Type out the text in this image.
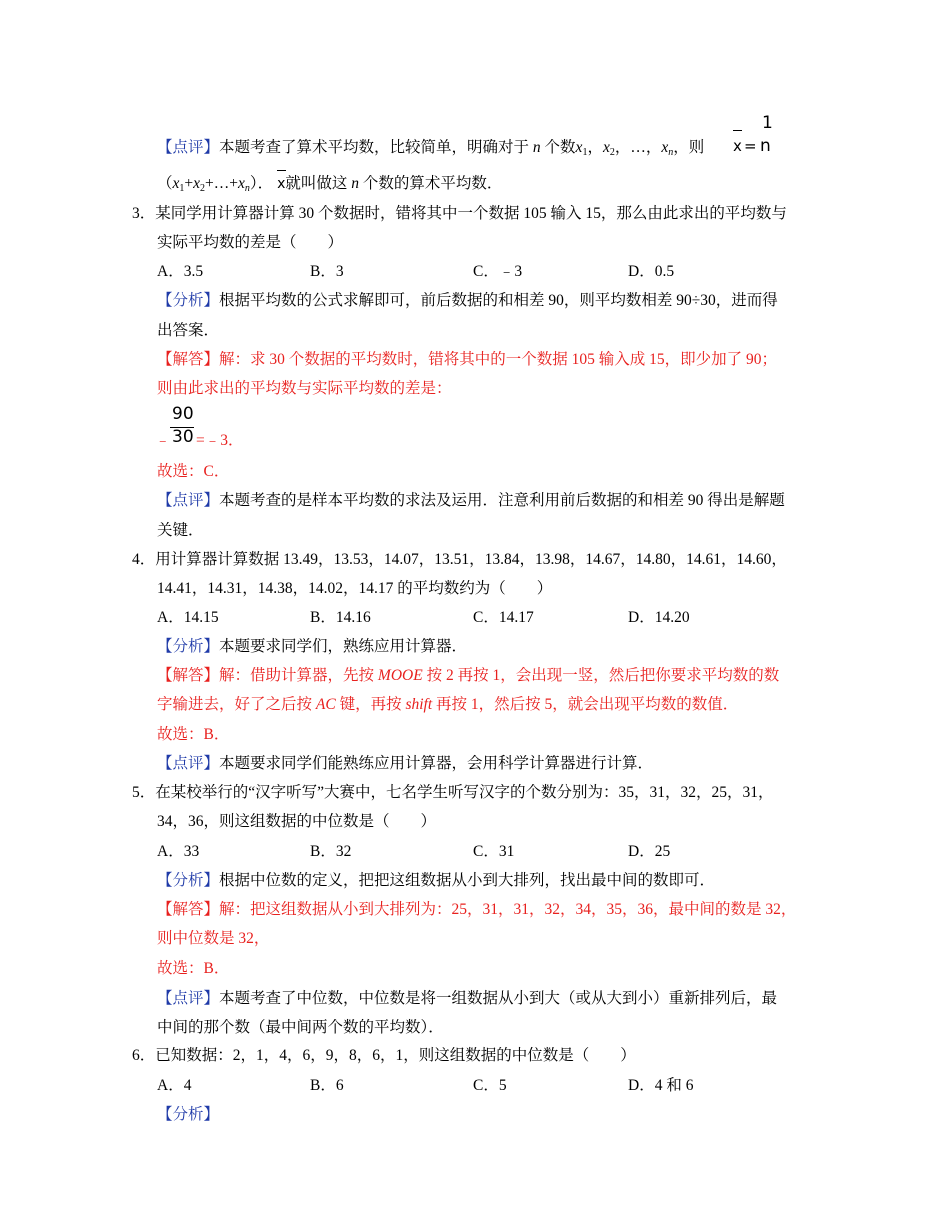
【点评】本题考查了算术平均数，比较简单，明确对于 n 个数$x_1$，$x_2$，…，$x_n$，则 x =
1
n
$(x_1+x_2+\dots+x_n)$． x就叫做这 n 个数的算术平均数．
3．某同学用计算器计算 30 个数据时，错将其中一个数据 105 输入 15，那么由此求出的平均数与
实际平均数的差是（　　）
A．3.5	B．3	C．﹣3	D．0.5
【分析】根据平均数的公式求解即可，前后数据的和相差 90，则平均数相差 90÷30，进而得
出答案．
【解答】解：求 30 个数据的平均数时，错将其中的一个数据 105 输入成 15，即少加了 90；
则由此求出的平均数与实际平均数的差是：
90
﹣ 30 =﹣3．
故选：C．
【点评】本题考查的是样本平均数的求法及运用．注意利用前后数据的和相差 90 得出是解题
关键．
4．用计算器计算数据 13.49，13.53，14.07，13.51，13.84，13.98，14.67，14.80，14.61，14.60，
14.41，14.31，14.38，14.02，14.17 的平均数约为（　　）
A．14.15	B．14.16	C．14.17	D．14.20
【分析】本题要求同学们，熟练应用计算器．
【解答】解：借助计算器，先按 MOOE 按 2 再按 1，会出现一竖，然后把你要求平均数的数
字输进去，好了之后按 AC 键，再按 shift 再按 1，然后按 5，就会出现平均数的数值．
故选：B．
【点评】本题要求同学们能熟练应用计算器，会用科学计算器进行计算．
5．在某校举行的“汉字听写”大赛中，七名学生听写汉字的个数分别为：35，31，32，25，31，
34，36，则这组数据的中位数是（　　）
A．33	B．32	C．31	D．25
【分析】根据中位数的定义，把把这组数据从小到大排列，找出最中间的数即可．
【解答】解：把这组数据从小到大排列为：25，31，31，32，34，35，36，最中间的数是 32，
则中位数是 32，
故选：B．
【点评】本题考查了中位数，中位数是将一组数据从小到大（或从大到小）重新排列后，最
中间的那个数（最中间两个数的平均数）．
6．已知数据：2，1，4，6，9，8，6，1，则这组数据的中位数是（　　）
A．4	B．6	C．5	D．4 和 6
【分析】
